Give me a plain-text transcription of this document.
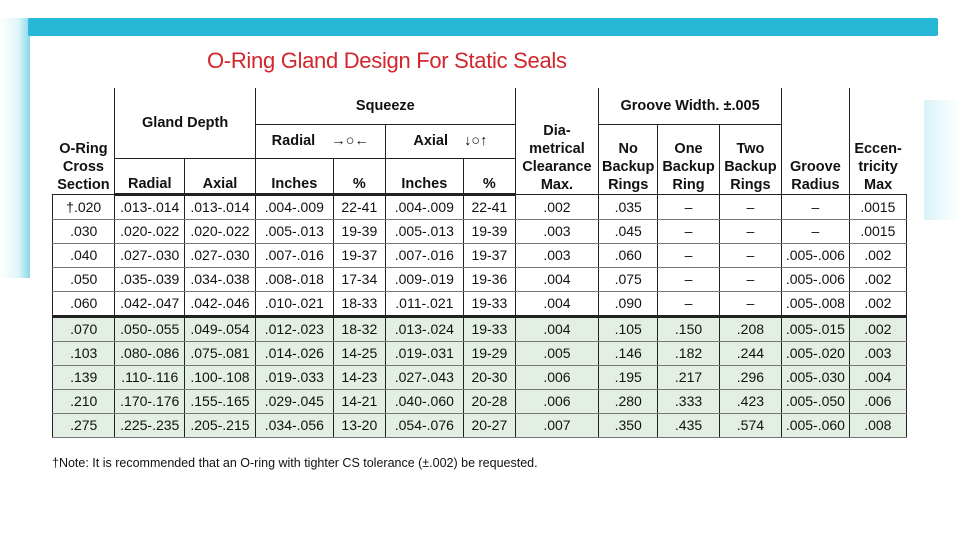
O-Ring Gland Design For Static Seals
O-Ring Cross Section	Gland Depth		Squeeze				Dia-metrical Clearance Max.	Groove Width. ±.005			Groove Radius	Eccen-tricity Max
			Radial →○←		Axial ↓○↑			No Backup Rings	One Backup Ring	Two Backup Rings		
	Radial	Axial	Inches	%	Inches	%						
†.020	.013-.014	.013-.014	.004-.009	22-41	.004-.009	22-41	.002	.035	–	–	–	.0015
.030	.020-.022	.020-.022	.005-.013	19-39	.005-.013	19-39	.003	.045	–	–	–	.0015
.040	.027-.030	.027-.030	.007-.016	19-37	.007-.016	19-37	.003	.060	–	–	.005-.006	.002
.050	.035-.039	.034-.038	.008-.018	17-34	.009-.019	19-36	.004	.075	–	–	.005-.006	.002
.060	.042-.047	.042-.046	.010-.021	18-33	.011-.021	19-33	.004	.090	–	–	.005-.008	.002
.070	.050-.055	.049-.054	.012-.023	18-32	.013-.024	19-33	.004	.105	.150	.208	.005-.015	.002
.103	.080-.086	.075-.081	.014-.026	14-25	.019-.031	19-29	.005	.146	.182	.244	.005-.020	.003
.139	.110-.116	.100-.108	.019-.033	14-23	.027-.043	20-30	.006	.195	.217	.296	.005-.030	.004
.210	.170-.176	.155-.165	.029-.045	14-21	.040-.060	20-28	.006	.280	.333	.423	.005-.050	.006
.275	.225-.235	.205-.215	.034-.056	13-20	.054-.076	20-27	.007	.350	.435	.574	.005-.060	.008

†Note: It is recommended that an O-ring with tighter CS tolerance (±.002) be requested.
